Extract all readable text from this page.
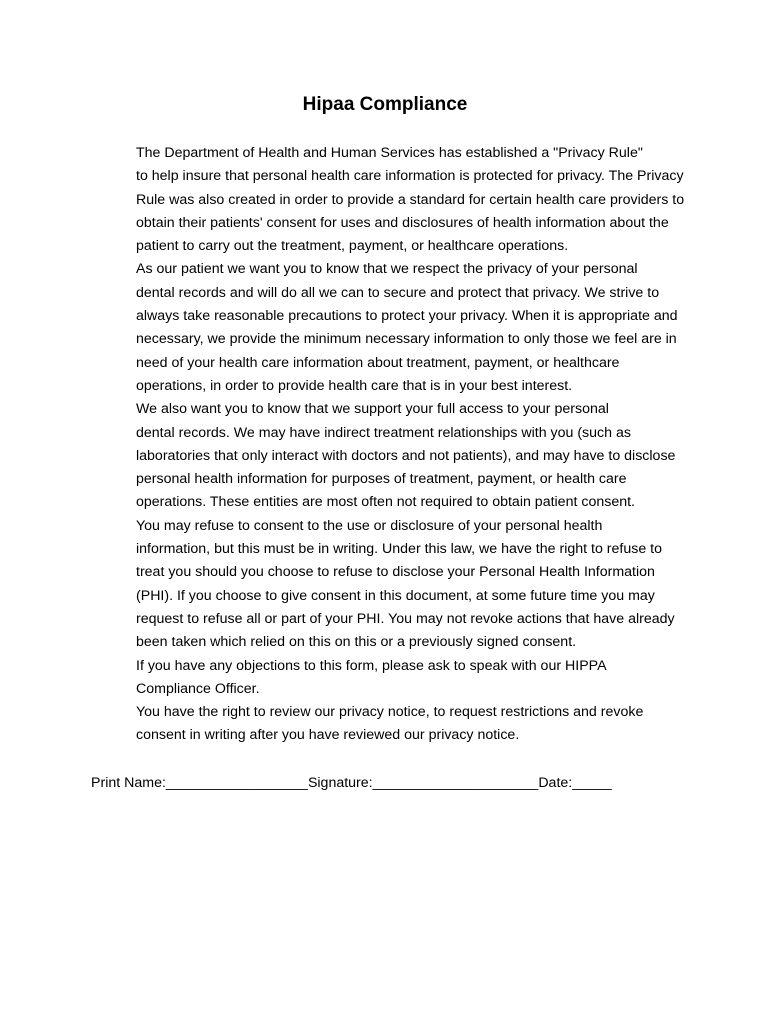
Hipaa Compliance

The Department of Health and Human Services has established a "Privacy Rule"
to help insure that personal health care information is protected for privacy. The Privacy
Rule was also created in order to provide a standard for certain health care providers to
obtain their patients' consent for uses and disclosures of health information about the
patient to carry out the treatment, payment, or healthcare operations.

As our patient we want you to know that we respect the privacy of your personal
dental records and will do all we can to secure and protect that privacy. We strive to
always take reasonable precautions to protect your privacy. When it is appropriate and
necessary, we provide the minimum necessary information to only those we feel are in
need of your health care information about treatment, payment, or healthcare
operations, in order to provide health care that is in your best interest.

We also want you to know that we support your full access to your personal
dental records. We may have indirect treatment relationships with you (such as
laboratories that only interact with doctors and not patients), and may have to disclose
personal health information for purposes of treatment, payment, or health care
operations. These entities are most often not required to obtain patient consent.

You may refuse to consent to the use or disclosure of your personal health
information, but this must be in writing. Under this law, we have the right to refuse to
treat you should you choose to refuse to disclose your Personal Health Information
(PHI). If you choose to give consent in this document, at some future time you may
request to refuse all or part of your PHI. You may not revoke actions that have already
been taken which relied on this on this or a previously signed consent.

If you have any objections to this form, please ask to speak with our HIPPA
Compliance Officer.

You have the right to review our privacy notice, to request restrictions and revoke
consent in writing after you have reviewed our privacy notice.

Print Name:__________________Signature:_____________________Date:_____
